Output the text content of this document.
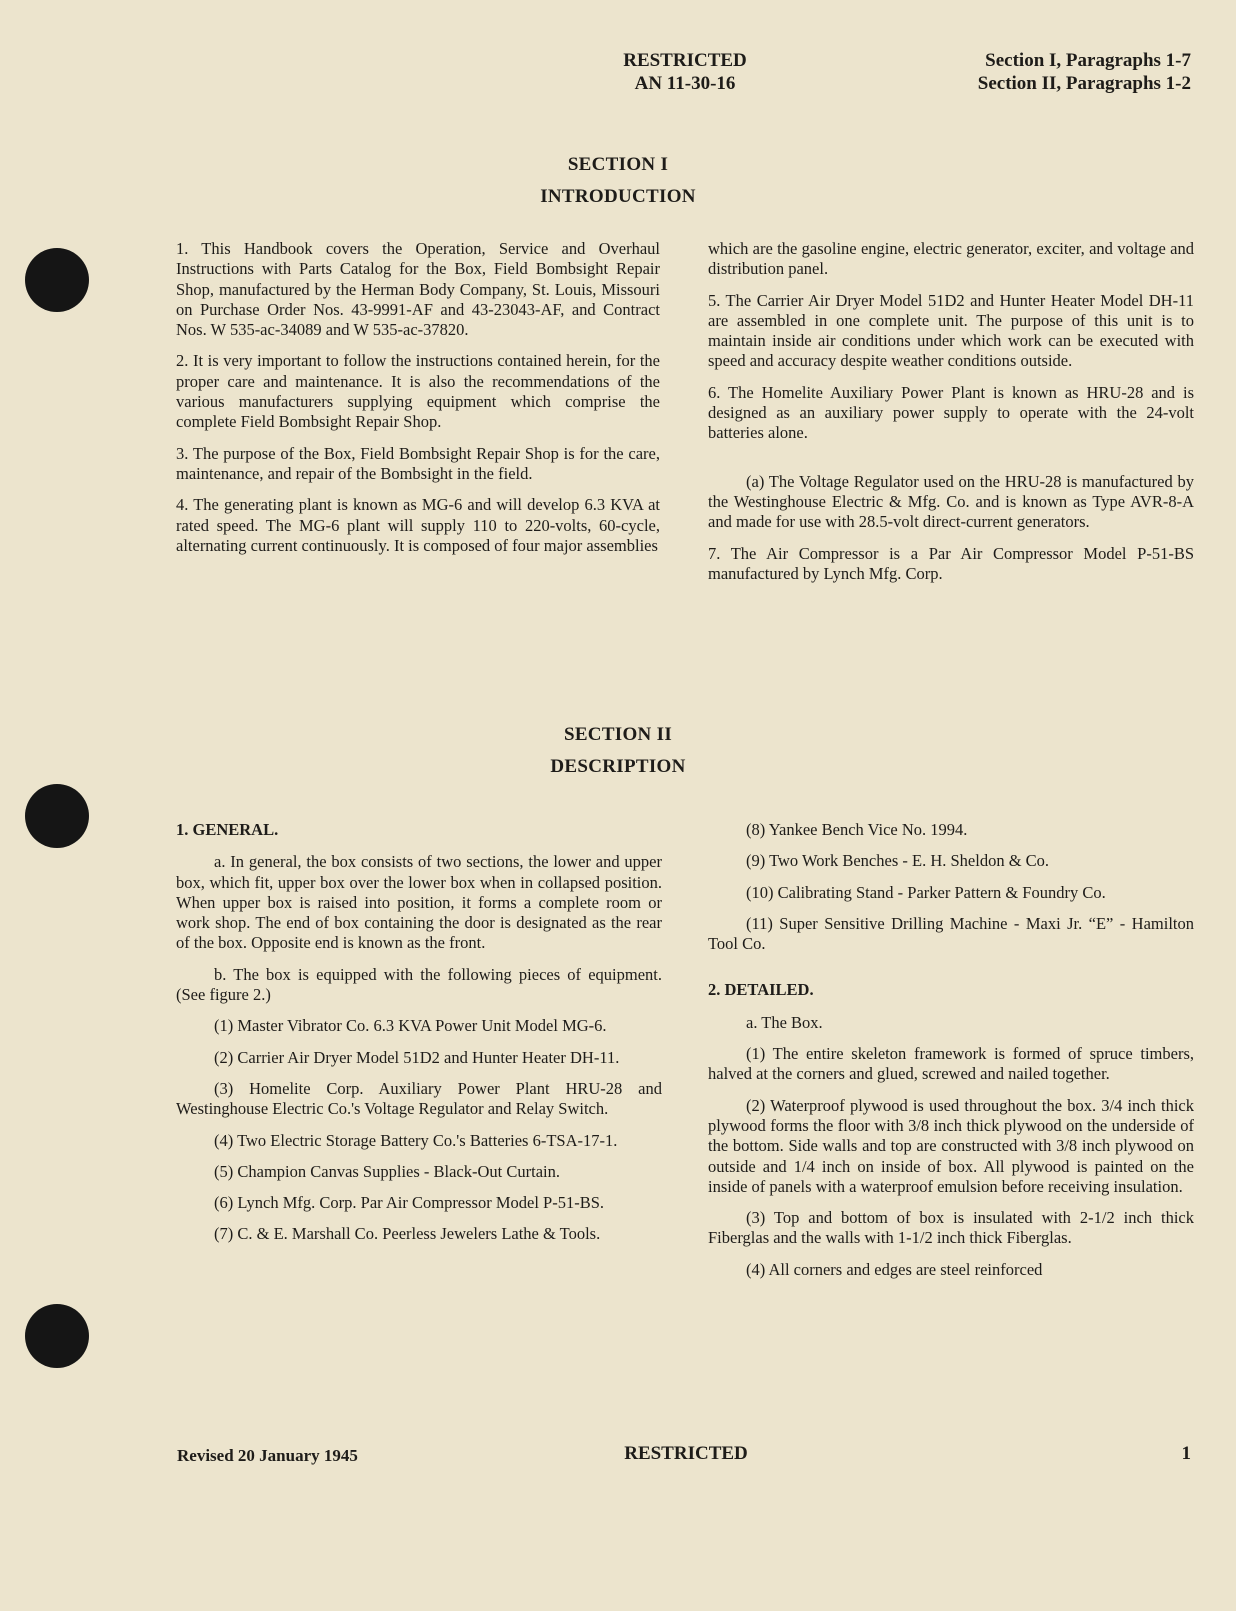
RESTRICTED
AN 11-30-16
Section I, Paragraphs 1-7
Section II, Paragraphs 1-2
SECTION I
INTRODUCTION

1. This Handbook covers the Operation, Service and Overhaul Instructions with Parts Catalog for the Box, Field Bombsight Repair Shop, manufactured by the Herman Body Company, St. Louis, Missouri on Purchase Order Nos. 43-9991-AF and 43-23043-AF, and Contract Nos. W 535-ac-34089 and W 535-ac-37820.

2. It is very important to follow the instructions contained herein, for the proper care and maintenance. It is also the recommendations of the various manufacturers supplying equipment which comprise the complete Field Bombsight Repair Shop.

3. The purpose of the Box, Field Bombsight Repair Shop is for the care, maintenance, and repair of the Bombsight in the field.

4. The generating plant is known as MG-6 and will develop 6.3 KVA at rated speed. The MG-6 plant will supply 110 to 220-volts, 60-cycle, alternating current continuously. It is composed of four major assemblies

which are the gasoline engine, electric generator, exciter, and voltage and distribution panel.

5. The Carrier Air Dryer Model 51D2 and Hunter Heater Model DH-11 are assembled in one complete unit. The purpose of this unit is to maintain inside air conditions under which work can be executed with speed and accuracy despite weather conditions outside.

6. The Homelite Auxiliary Power Plant is known as HRU-28 and is designed as an auxiliary power supply to operate with the 24-volt batteries alone.

(a) The Voltage Regulator used on the HRU-28 is manufactured by the Westinghouse Electric & Mfg. Co. and is known as Type AVR-8-A and made for use with 28.5-volt direct-current generators.

7. The Air Compressor is a Par Air Compressor Model P-51-BS manufactured by Lynch Mfg. Corp.

SECTION II
DESCRIPTION
1. GENERAL.

a. In general, the box consists of two sections, the lower and upper box, which fit, upper box over the lower box when in collapsed position. When upper box is raised into position, it forms a complete room or work shop. The end of box containing the door is designated as the rear of the box. Opposite end is known as the front.

b. The box is equipped with the following pieces of equipment. (See figure 2.)

(1) Master Vibrator Co. 6.3 KVA Power Unit Model MG-6.

(2) Carrier Air Dryer Model 51D2 and Hunter Heater DH-11.

(3) Homelite Corp. Auxiliary Power Plant HRU-28 and Westinghouse Electric Co.'s Voltage Regulator and Relay Switch.

(4) Two Electric Storage Battery Co.'s Batteries 6-TSA-17-1.

(5) Champion Canvas Supplies - Black-Out Curtain.

(6) Lynch Mfg. Corp. Par Air Compressor Model P-51-BS.

(7) C. & E. Marshall Co. Peerless Jewelers Lathe & Tools.

(8) Yankee Bench Vice No. 1994.

(9) Two Work Benches - E. H. Sheldon & Co.

(10) Calibrating Stand - Parker Pattern & Foundry Co.

(11) Super Sensitive Drilling Machine - Maxi Jr. “E” - Hamilton Tool Co.

2. DETAILED.

a. The Box.

(1) The entire skeleton framework is formed of spruce timbers, halved at the corners and glued, screwed and nailed together.

(2) Waterproof plywood is used throughout the box. 3/4 inch thick plywood forms the floor with 3/8 inch thick plywood on the underside of the bottom. Side walls and top are constructed with 3/8 inch plywood on outside and 1/4 inch on inside of box. All plywood is painted on the inside of panels with a waterproof emulsion before receiving insulation.

(3) Top and bottom of box is insulated with 2-1/2 inch thick Fiberglas and the walls with 1-1/2 inch thick Fiberglas.

(4) All corners and edges are steel reinforced

Revised 20 January 1945	RESTRICTED	1
